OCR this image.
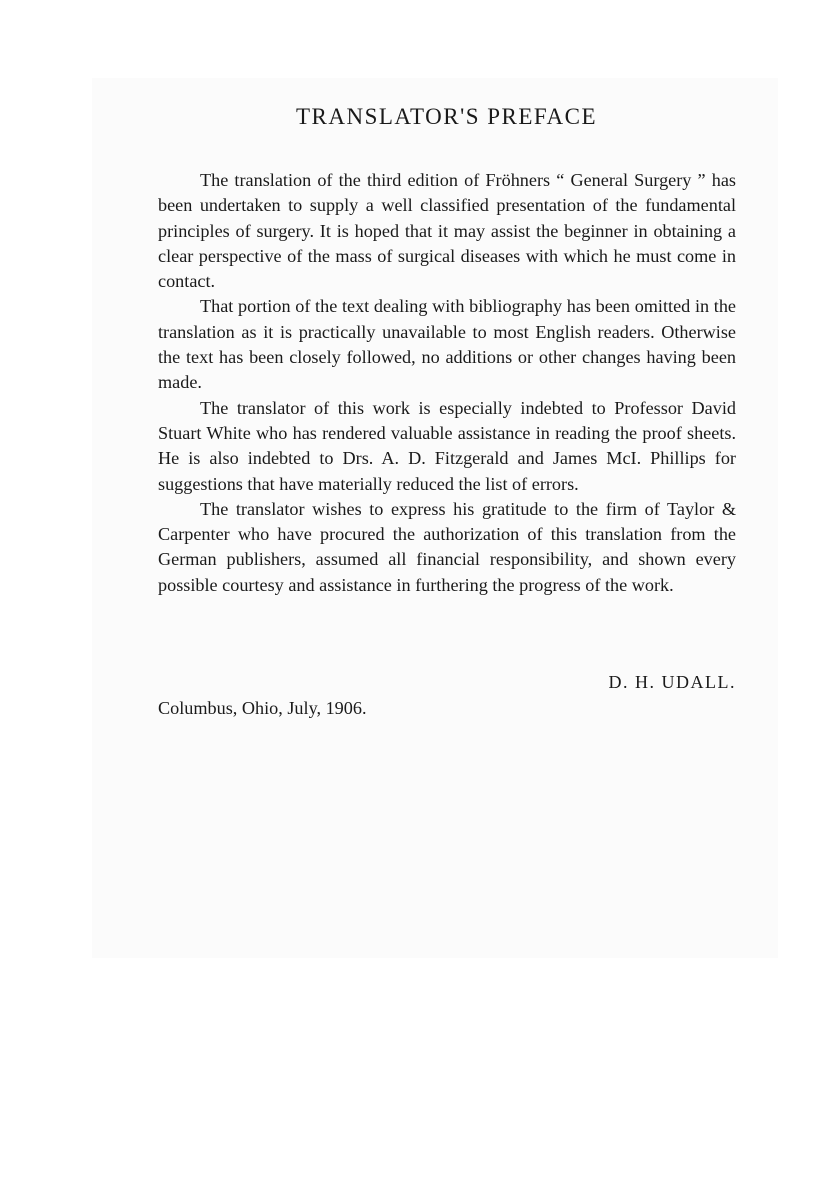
TRANSLATOR'S PREFACE

The translation of the third edition of Fröhners “ General Surgery ” has been undertaken to supply a well classified presentation of the fundamental principles of surgery. It is hoped that it may assist the beginner in obtaining a clear perspective of the mass of surgical diseases with which he must come in contact.

That portion of the text dealing with bibliography has been omitted in the translation as it is practically unavailable to most English readers. Otherwise the text has been closely followed, no additions or other changes having been made.

The translator of this work is especially indebted to Professor David Stuart White who has rendered valuable assistance in reading the proof sheets. He is also indebted to Drs. A. D. Fitzgerald and James McI. Phillips for suggestions that have materially reduced the list of errors.

The translator wishes to express his gratitude to the firm of Taylor & Carpenter who have procured the authorization of this translation from the German publishers, assumed all financial responsibility, and shown every possible courtesy and assistance in furthering the progress of the work.

D. H. UDALL.
Columbus, Ohio, July, 1906.
